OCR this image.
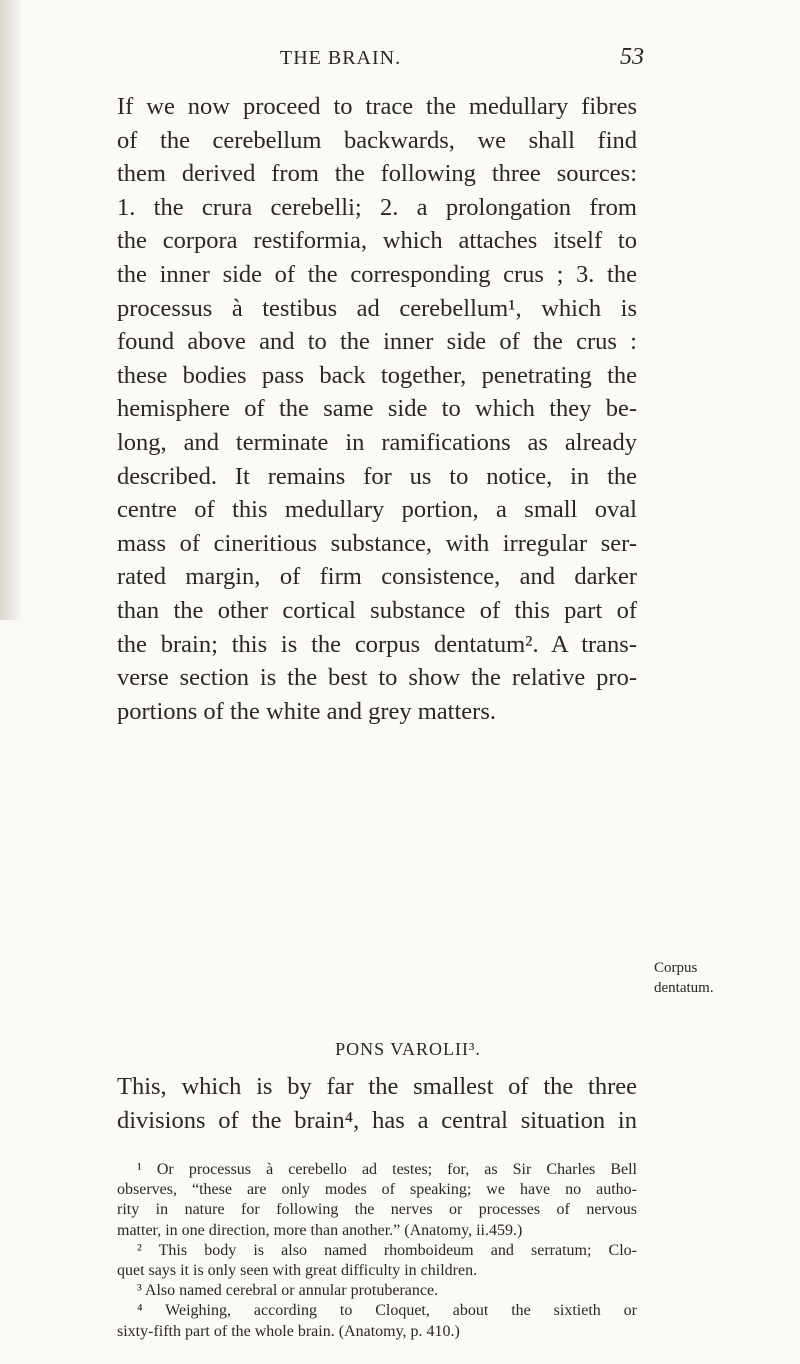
THE BRAIN.	53
If we now proceed to trace the medullary fibres
of the cerebellum backwards, we shall find
them derived from the following three sources:
1. the crura cerebelli; 2. a prolongation from
the corpora restiformia, which attaches itself to
the inner side of the corresponding crus ; 3. the
processus à testibus ad cerebellum¹, which is
found above and to the inner side of the crus :
these bodies pass back together, penetrating the
hemisphere of the same side to which they be-
long, and terminate in ramifications as already
described. It remains for us to notice, in the
centre of this medullary portion, a small oval
mass of cineritious substance, with irregular ser-
rated margin, of firm consistence, and darker
than the other cortical substance of this part of
the brain; this is the corpus dentatum². A trans-
verse section is the best to show the relative pro-
portions of the white and grey matters.
Corpus
dentatum.
PONS VAROLII³.
This, which is by far the smallest of the three
divisions of the brain⁴, has a central situation in
¹ Or processus à cerebello ad testes; for, as Sir Charles Bell
observes, “these are only modes of speaking; we have no autho-
rity in nature for following the nerves or processes of nervous
matter, in one direction, more than another.” (Anatomy, ii.459.)
² This body is also named rhomboideum and serratum; Clo-
quet says it is only seen with great difficulty in children.
³ Also named cerebral or annular protuberance.
⁴ Weighing, according to Cloquet, about the sixtieth or
sixty-fifth part of the whole brain. (Anatomy, p. 410.)
